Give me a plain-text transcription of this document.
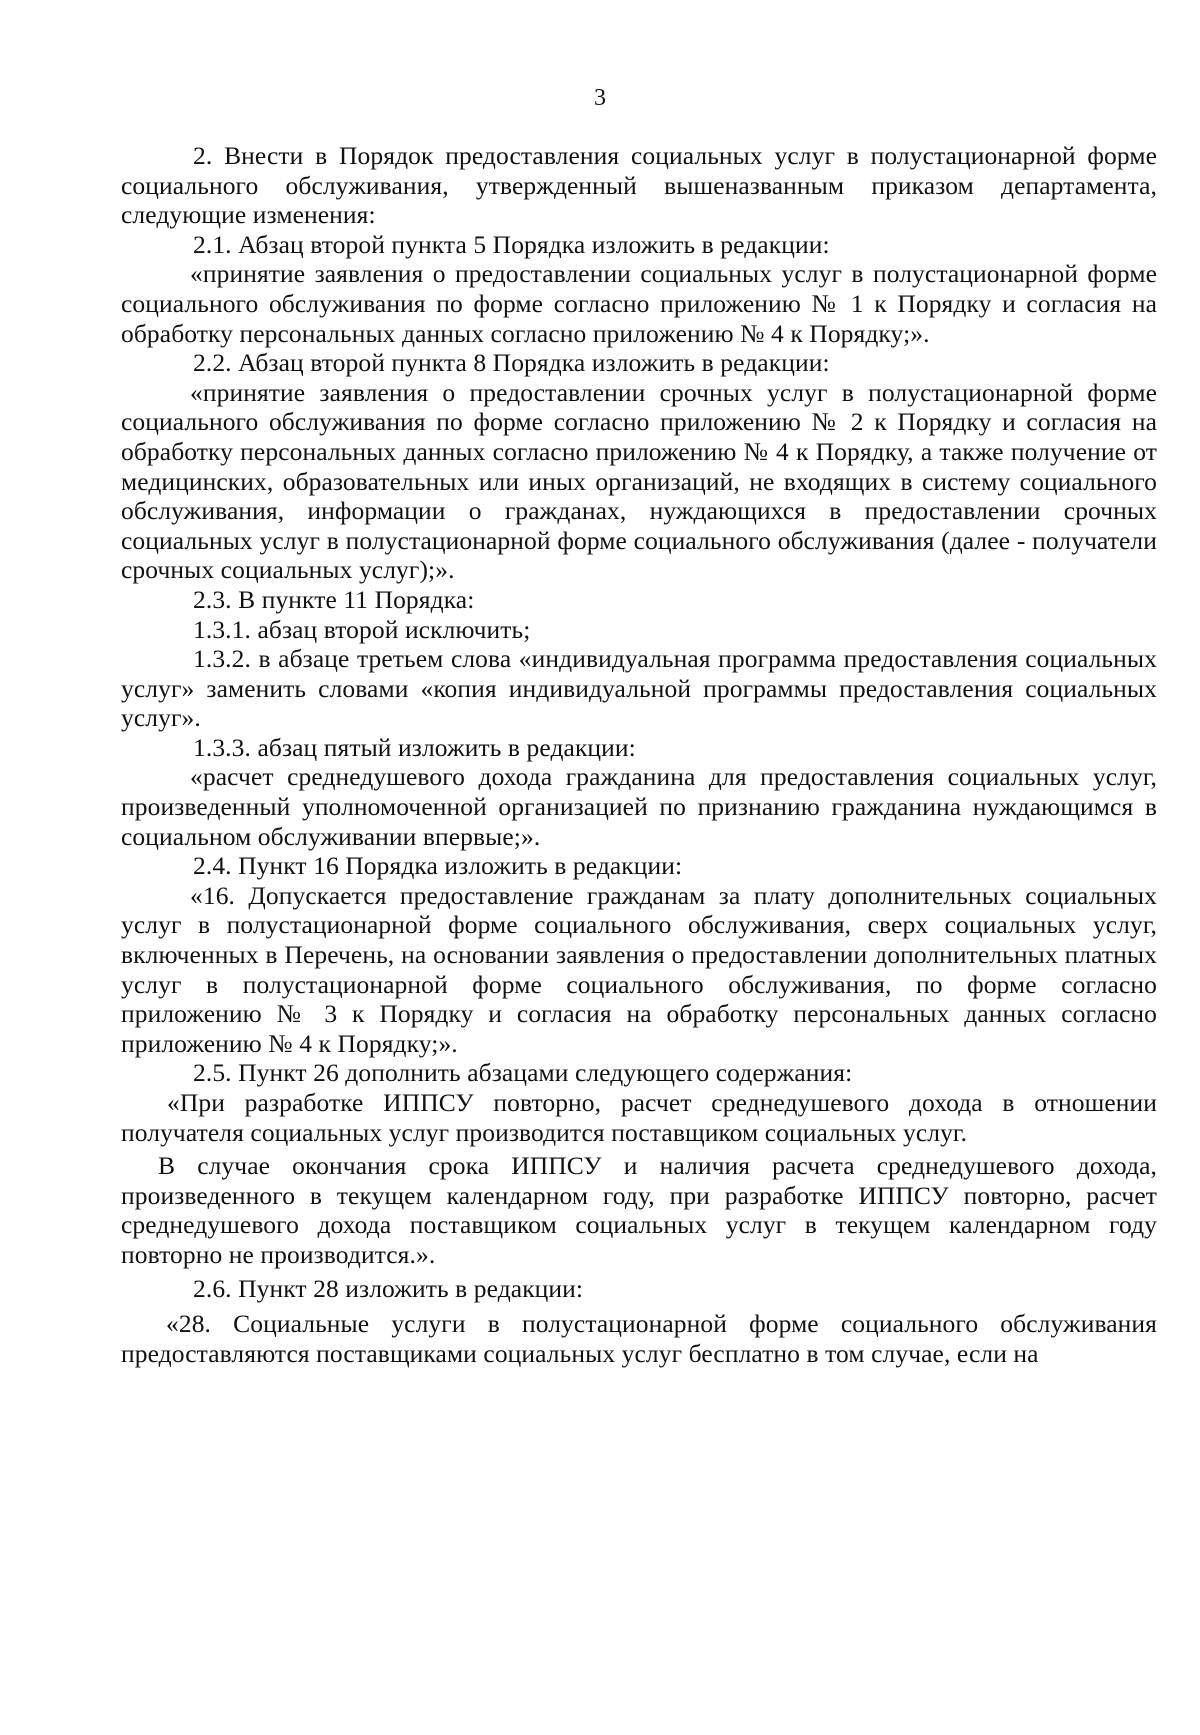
3

2. Внести в Порядок предоставления социальных услуг в полустационарной форме социального обслуживания, утвержденный вышеназванным приказом департамента, следующие изменения:

2.1. Абзац второй пункта 5 Порядка изложить в редакции:

«принятие заявления о предоставлении социальных услуг в полустационарной форме социального обслуживания по форме согласно приложению № 1 к Порядку и согласия на обработку персональных данных согласно приложению № 4 к Порядку;».

2.2. Абзац второй пункта 8 Порядка изложить в редакции:

«принятие заявления о предоставлении срочных услуг в полустационарной форме социального обслуживания по форме согласно приложению № 2 к Порядку и согласия на обработку персональных данных согласно приложению № 4 к Порядку, а также получение от медицинских, образовательных или иных организаций, не входящих в систему социального обслуживания, информации о гражданах, нуждающихся в предоставлении срочных социальных услуг в полустационарной форме социального обслуживания (далее - получатели срочных социальных услуг);».

2.3. В пункте 11 Порядка:

1.3.1. абзац второй исключить;

1.3.2. в абзаце третьем слова «индивидуальная программа предоставления социальных услуг» заменить словами «копия индивидуальной программы предоставления социальных услуг».

1.3.3. абзац пятый изложить в редакции:

«расчет среднедушевого дохода гражданина для предоставления социальных услуг, произведенный уполномоченной организацией по признанию гражданина нуждающимся в социальном обслуживании впервые;».

2.4. Пункт 16 Порядка изложить в редакции:

«16. Допускается предоставление гражданам за плату дополнительных социальных услуг в полустационарной форме социального обслуживания, сверх социальных услуг, включенных в Перечень, на основании заявления о предоставлении дополнительных платных услуг в полустационарной форме социального обслуживания, по форме согласно приложению № 3 к Порядку и согласия на обработку персональных данных согласно приложению № 4 к Порядку;».

2.5. Пункт 26 дополнить абзацами следующего содержания:

«При разработке ИППСУ повторно, расчет среднедушевого дохода в отношении получателя социальных услуг производится поставщиком социальных услуг.

В случае окончания срока ИППСУ и наличия расчета среднедушевого дохода, произведенного в текущем календарном году, при разработке ИППСУ повторно, расчет среднедушевого дохода поставщиком социальных услуг в текущем календарном году повторно не производится.».

2.6. Пункт 28 изложить в редакции:

«28. Социальные услуги в полустационарной форме социального обслуживания предоставляются поставщиками социальных услуг бесплатно в том случае, если на
